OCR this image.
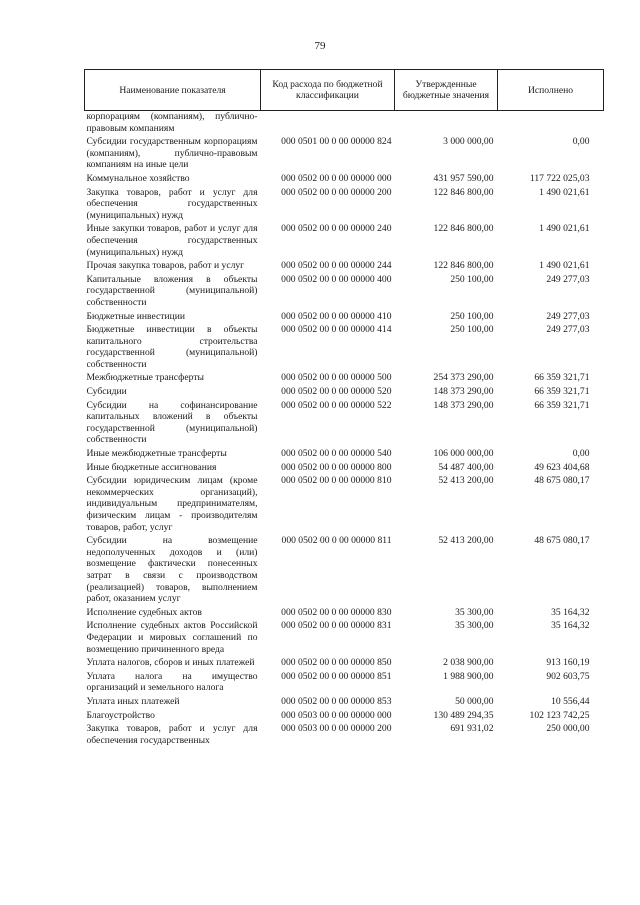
79
Наименование показателя	Код расхода по бюджетной классификации	Утвержденные бюджетные значения	Исполнено
корпорациям (компаниям), публично-правовым компаниям			
Субсидии государственным корпорациям (компаниям), публично-правовым компаниям на иные цели	000 0501 00 0 00 00000 824	3 000 000,00	0,00
Коммунальное хозяйство	000 0502 00 0 00 00000 000	431 957 590,00	117 722 025,03
Закупка товаров, работ и услуг для обеспечения государственных (муниципальных) нужд	000 0502 00 0 00 00000 200	122 846 800,00	1 490 021,61
Иные закупки товаров, работ и услуг для обеспечения государственных (муниципальных) нужд	000 0502 00 0 00 00000 240	122 846 800,00	1 490 021,61
Прочая закупка товаров, работ и услуг	000 0502 00 0 00 00000 244	122 846 800,00	1 490 021,61
Капитальные вложения в объекты государственной (муниципальной) собственности	000 0502 00 0 00 00000 400	250 100,00	249 277,03
Бюджетные инвестиции	000 0502 00 0 00 00000 410	250 100,00	249 277,03
Бюджетные инвестиции в объекты капитального строительства государственной (муниципальной) собственности	000 0502 00 0 00 00000 414	250 100,00	249 277,03
Межбюджетные трансферты	000 0502 00 0 00 00000 500	254 373 290,00	66 359 321,71
Субсидии	000 0502 00 0 00 00000 520	148 373 290,00	66 359 321,71
Субсидии на софинансирование капитальных вложений в объекты государственной (муниципальной) собственности	000 0502 00 0 00 00000 522	148 373 290,00	66 359 321,71
Иные межбюджетные трансферты	000 0502 00 0 00 00000 540	106 000 000,00	0,00
Иные бюджетные ассигнования	000 0502 00 0 00 00000 800	54 487 400,00	49 623 404,68
Субсидии юридическим лицам (кроме некоммерческих организаций), индивидуальным предпринимателям, физическим лицам - производителям товаров, работ, услуг	000 0502 00 0 00 00000 810	52 413 200,00	48 675 080,17
Субсидии на возмещение недополученных доходов и (или) возмещение фактически понесенных затрат в связи с производством (реализацией) товаров, выполнением работ, оказанием услуг	000 0502 00 0 00 00000 811	52 413 200,00	48 675 080,17
Исполнение судебных актов	000 0502 00 0 00 00000 830	35 300,00	35 164,32
Исполнение судебных актов Российской Федерации и мировых соглашений по возмещению причиненного вреда	000 0502 00 0 00 00000 831	35 300,00	35 164,32
Уплата налогов, сборов и иных платежей	000 0502 00 0 00 00000 850	2 038 900,00	913 160,19
Уплата налога на имущество организаций и земельного налога	000 0502 00 0 00 00000 851	1 988 900,00	902 603,75
Уплата иных платежей	000 0502 00 0 00 00000 853	50 000,00	10 556,44
Благоустройство	000 0503 00 0 00 00000 000	130 489 294,35	102 123 742,25
Закупка товаров, работ и услуг для обеспечения государственных	000 0503 00 0 00 00000 200	691 931,02	250 000,00
